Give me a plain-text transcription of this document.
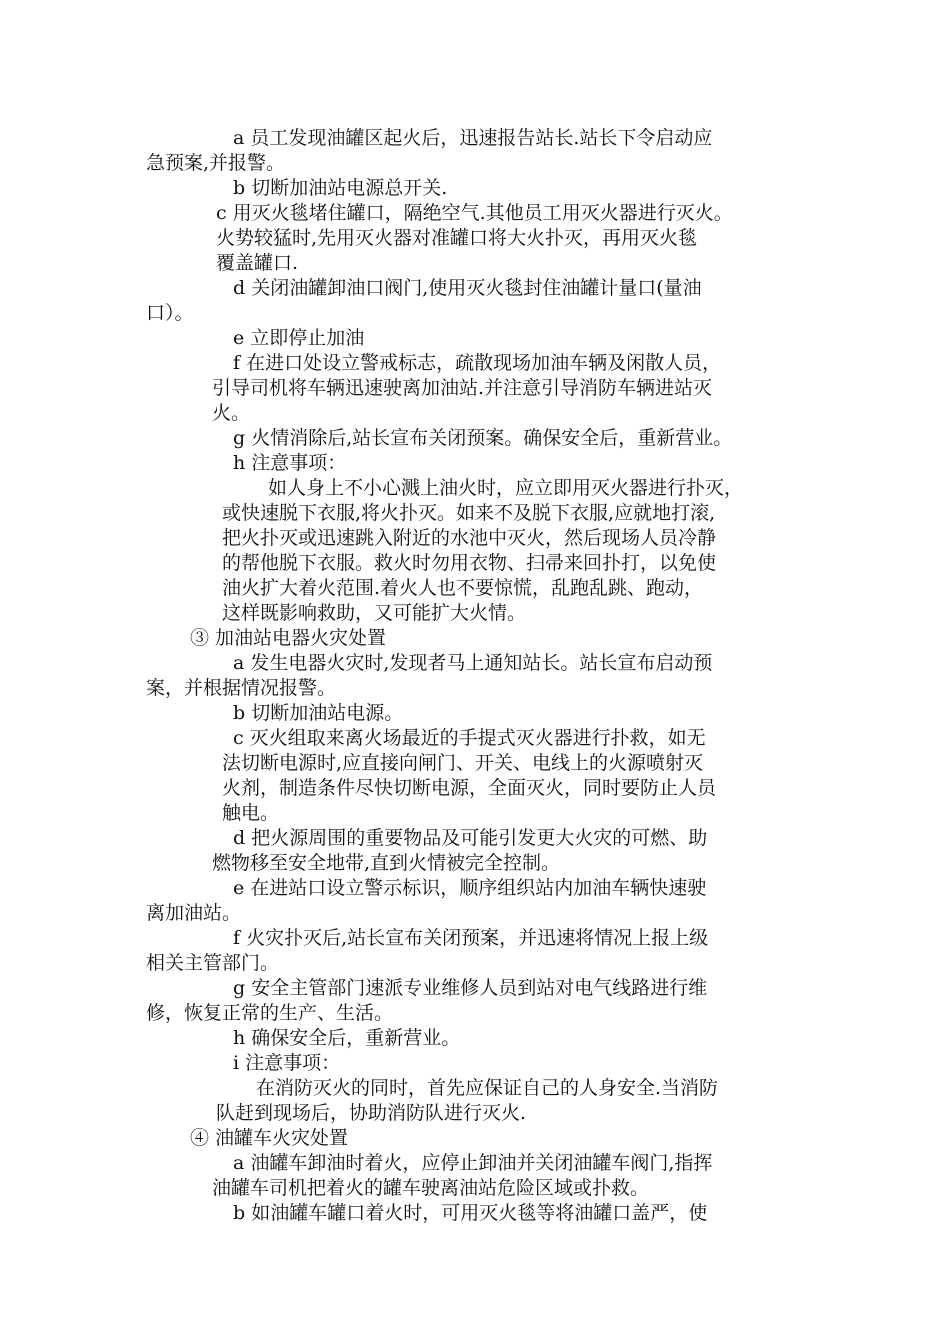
a 员工发现油罐区起火后，迅速报告站长.站长下令启动应
急预案,并报警。
b 切断加油站电源总开关.
c 用灭火毯堵住罐口，隔绝空气.其他员工用灭火器进行灭火。
火势较猛时,先用灭火器对准罐口将大火扑灭，再用灭火毯
覆盖罐口.
d 关闭油罐卸油口阀门,使用灭火毯封住油罐计量口(量油
口）。
e 立即停止加油
f 在进口处设立警戒标志，疏散现场加油车辆及闲散人员，
引导司机将车辆迅速驶离加油站.并注意引导消防车辆进站灭
火。
g 火情消除后,站长宣布关闭预案。确保安全后，重新营业。
h 注意事项：
如人身上不小心溅上油火时，应立即用灭火器进行扑灭，
或快速脱下衣服,将火扑灭。如来不及脱下衣服,应就地打滚,
把火扑灭或迅速跳入附近的水池中灭火，然后现场人员冷静
的帮他脱下衣服。救火时勿用衣物、扫帚来回扑打，以免使
油火扩大着火范围.着火人也不要惊慌，乱跑乱跳、跑动，
这样既影响救助，又可能扩大火情。
③ 加油站电器火灾处置
a 发生电器火灾时,发现者马上通知站长。站长宣布启动预
案，并根据情况报警。
b 切断加油站电源。
c 灭火组取来离火场最近的手提式灭火器进行扑救，如无
法切断电源时,应直接向闸门、开关、电线上的火源喷射灭
火剂，制造条件尽快切断电源，全面灭火，同时要防止人员
触电。
d 把火源周围的重要物品及可能引发更大火灾的可燃、助
燃物移至安全地带,直到火情被完全控制。
e 在进站口设立警示标识，顺序组织站内加油车辆快速驶
离加油站。
f 火灾扑灭后,站长宣布关闭预案，并迅速将情况上报上级
相关主管部门。
g 安全主管部门速派专业维修人员到站对电气线路进行维
修，恢复正常的生产、生活。
h 确保安全后，重新营业。
i 注意事项：
在消防灭火的同时，首先应保证自己的人身安全.当消防
队赶到现场后，协助消防队进行灭火.
④ 油罐车火灾处置
a 油罐车卸油时着火，应停止卸油并关闭油罐车阀门,指挥
油罐车司机把着火的罐车驶离油站危险区域或扑救。
b 如油罐车罐口着火时，可用灭火毯等将油罐口盖严，使
